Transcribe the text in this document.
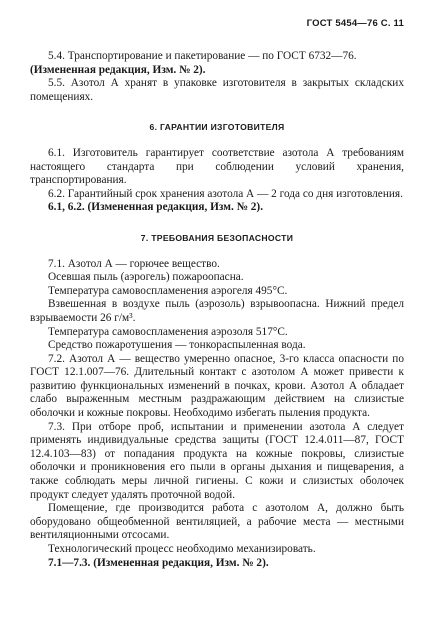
ГОСТ 5454—76 С. 11

5.4. Транспортирование и пакетирование — по ГОСТ 6732—76.

(Измененная редакция, Изм. № 2).

5.5. Азотол А хранят в упаковке изготовителя в закрытых складских помещениях.

6. ГАРАНТИИ ИЗГОТОВИТЕЛЯ

6.1. Изготовитель гарантирует соответствие азотола А требованиям настоящего стандарта при соблюдении условий хранения, транспортирования.

6.2. Гарантийный срок хранения азотола А — 2 года со дня изготовления.

6.1, 6.2. (Измененная редакция, Изм. № 2).

7. ТРЕБОВАНИЯ БЕЗОПАСНОСТИ

7.1. Азотол А — горючее вещество.

Осевшая пыль (аэрогель) пожароопасна.

Температура самовоспламенения аэрогеля 495°С.

Взвешенная в воздухе пыль (аэрозоль) взрывоопасна. Нижний предел взрываемости 26 г/м³.

Температура самовоспламенения аэрозоля 517°С.

Средство пожаротушения — тонкораспыленная вода.

7.2. Азотол А — вещество умеренно опасное, 3-го класса опасности по ГОСТ 12.1.007—76. Длительный контакт с азотолом А может привести к развитию функциональных изменений в почках, крови. Азотол А обладает слабо выраженным местным раздражающим действием на слизистые оболочки и кожные покровы. Необходимо избегать пыления продукта.

7.3. При отборе проб, испытании и применении азотола А следует применять индивидуальные средства защиты (ГОСТ 12.4.011—87, ГОСТ 12.4.103—83) от попадания продукта на кожные покровы, слизистые оболочки и проникновения его пыли в органы дыхания и пищеварения, а также соблюдать меры личной гигиены. С кожи и слизистых оболочек продукт следует удалять проточной водой.

Помещение, где производится работа с азотолом А, должно быть оборудовано общеобменной вентиляцией, а рабочие места — местными вентиляционными отсосами.

Технологический процесс необходимо механизировать.

7.1—7.3. (Измененная редакция, Изм. № 2).
